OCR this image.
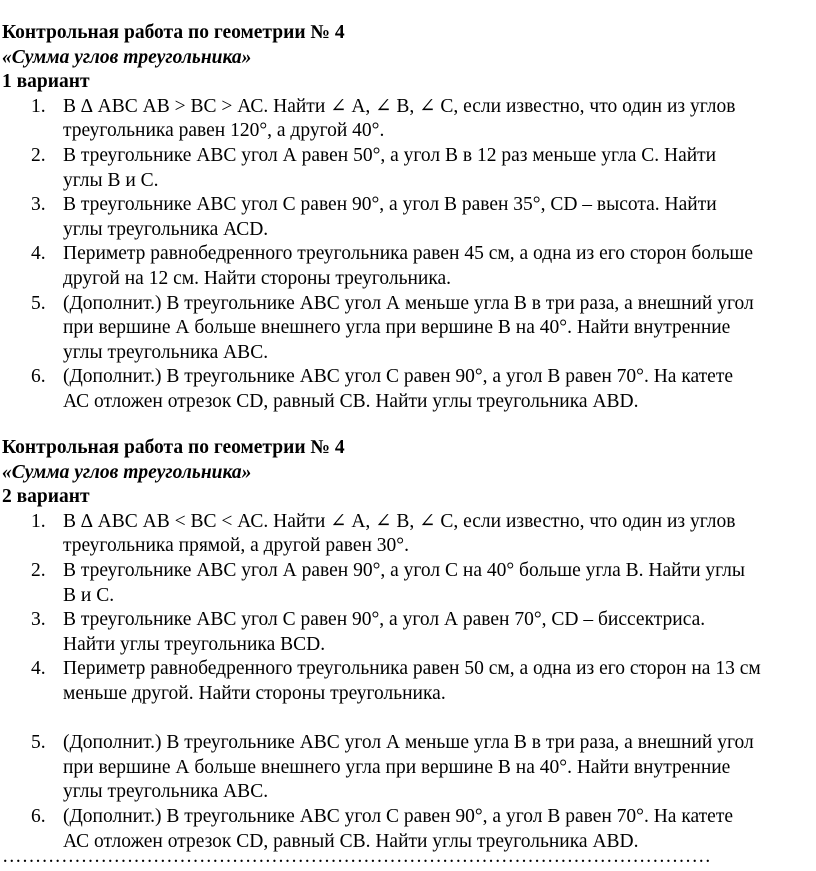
Контрольная работа по геометрии № 4
«Сумма углов треугольника»
1 вариант
1. В ∆ АВС АВ > ВС > АС. Найти ∠ А, ∠ В, ∠ С, если известно, что один из углов
треугольника равен 120°, а другой 40°.
2. В треугольнике АВС угол А равен 50°, а угол В в 12 раз меньше угла С. Найти
углы В и С.
3. В треугольнике АВС угол С равен 90°, а угол В равен 35°, СD – высота. Найти
углы треугольника АСD.
4. Периметр равнобедренного треугольника равен 45 см, а одна из его сторон больше
другой на 12 см. Найти стороны треугольника.
5. (Дополнит.) В треугольнике АВС угол А меньше угла В в три раза, а внешний угол
при вершине А больше внешнего угла при вершине В на 40°. Найти внутренние
углы треугольника АВС.
6. (Дополнит.) В треугольнике АВС угол С равен 90°, а угол В равен 70°. На катете
АС отложен отрезок СD, равный СВ. Найти углы треугольника АВD.
Контрольная работа по геометрии № 4
«Сумма углов треугольника»
2 вариант
1. В ∆ АВС АВ < ВС < АС. Найти ∠ А, ∠ В, ∠ С, если известно, что один из углов
треугольника прямой, а другой равен 30°.
2. В треугольнике АВС угол А равен 90°, а угол С на 40° больше угла В. Найти углы
В и С.
3. В треугольнике АВС угол С равен 90°, а угол А равен 70°, СD – биссектриса.
Найти углы треугольника ВСD.
4. Периметр равнобедренного треугольника равен 50 см, а одна из его сторон на 13 см
меньше другой. Найти стороны треугольника.
5. (Дополнит.) В треугольнике АВС угол А меньше угла В в три раза, а внешний угол
при вершине А больше внешнего угла при вершине В на 40°. Найти внутренние
углы треугольника АВС.
6. (Дополнит.) В треугольнике АВС угол С равен 90°, а угол В равен 70°. На катете
АС отложен отрезок СD, равный СВ. Найти углы треугольника АВD.
………………………………………………………………………………………………
